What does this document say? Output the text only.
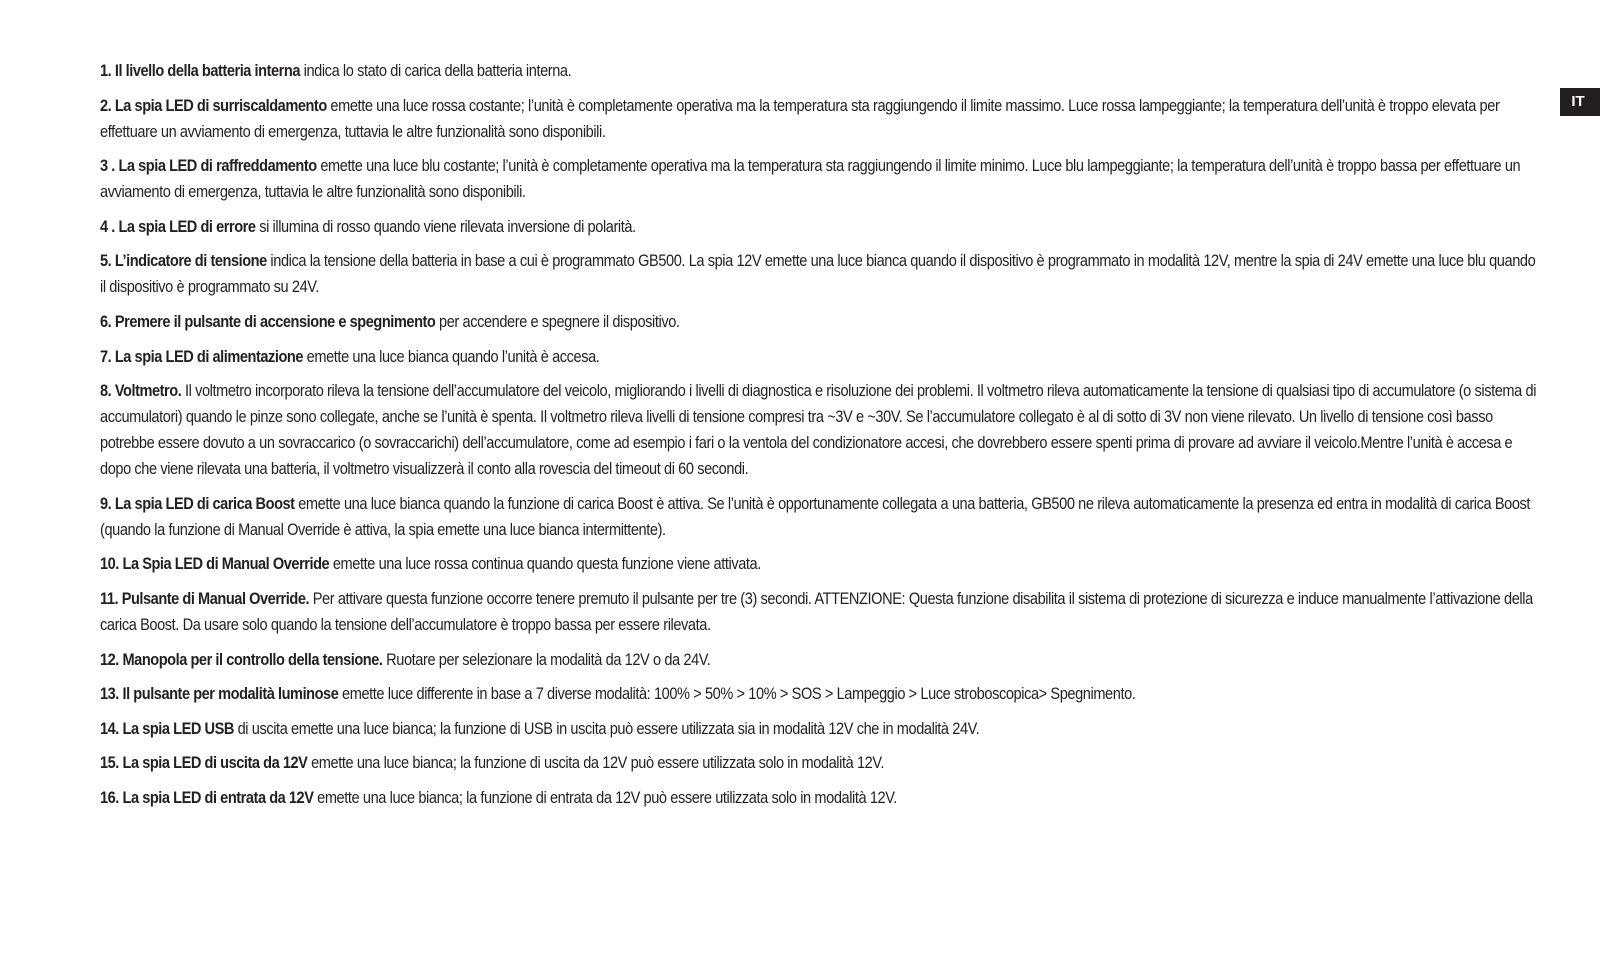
IT

1. Il livello della batteria interna indica lo stato di carica della batteria interna.

2. La spia LED di surriscaldamento emette una luce rossa costante; l’unità è completamente operativa ma la temperatura sta raggiungendo il limite massimo. Luce rossa lampeggiante; la temperatura dell’unità è troppo elevata per effettuare un avviamento di emergenza, tuttavia le altre funzionalità sono disponibili.

3 . La spia LED di raffreddamento emette una luce blu costante; l’unità è completamente operativa ma la temperatura sta raggiungendo il limite minimo. Luce blu lampeggiante; la temperatura dell’unità è troppo bassa per effettuare un avviamento di emergenza, tuttavia le altre funzionalità sono disponibili.

4 . La spia LED di errore si illumina di rosso quando viene rilevata inversione di polarità.

5. L’indicatore di tensione indica la tensione della batteria in base a cui è programmato GB500. La spia 12V emette una luce bianca quando il dispositivo è programmato in modalità 12V, mentre la spia di 24V emette una luce blu quando il dispositivo è programmato su 24V.

6. Premere il pulsante di accensione e spegnimento per accendere e spegnere il dispositivo.

7. La spia LED di alimentazione emette una luce bianca quando l’unità è accesa.

8. Voltmetro. Il voltmetro incorporato rileva la tensione dell’accumulatore del veicolo, migliorando i livelli di diagnostica e risoluzione dei problemi. Il voltmetro rileva automaticamente la tensione di qualsiasi tipo di accumulatore (o sistema di accumulatori) quando le pinze sono collegate, anche se l’unità è spenta. Il voltmetro rileva livelli di tensione compresi tra ~3V e ~30V. Se l’accumulatore collegato è al di sotto di 3V non viene rilevato. Un livello di tensione così basso potrebbe essere dovuto a un sovraccarico (o sovraccarichi) dell’accumulatore, come ad esempio i fari o la ventola del condizionatore accesi, che dovrebbero essere spenti prima di provare ad avviare il veicolo.Mentre l’unità è accesa e dopo che viene rilevata una batteria, il voltmetro visualizzerà il conto alla rovescia del timeout di 60 secondi.

9. La spia LED di carica Boost emette una luce bianca quando la funzione di carica Boost è attiva. Se l’unità è opportunamente collegata a una batteria, GB500 ne rileva automaticamente la presenza ed entra in modalità di carica Boost (quando la funzione di Manual Override è attiva, la spia emette una luce bianca intermittente).

10. La Spia LED di Manual Override emette una luce rossa continua quando questa funzione viene attivata.

11. Pulsante di Manual Override. Per attivare questa funzione occorre tenere premuto il pulsante per tre (3) secondi. ATTENZIONE: Questa funzione disabilita il sistema di protezione di sicurezza e induce manualmente l’attivazione della carica Boost. Da usare solo quando la tensione dell’accumulatore è troppo bassa per essere rilevata.

12. Manopola per il controllo della tensione. Ruotare per selezionare la modalità da 12V o da 24V.

13. Il pulsante per modalità luminose emette luce differente in base a 7 diverse modalità: 100% > 50% > 10% > SOS > Lampeggio > Luce stroboscopica> Spegnimento.

14. La spia LED USB di uscita emette una luce bianca; la funzione di USB in uscita può essere utilizzata sia in modalità 12V che in modalità 24V.

15. La spia LED di uscita da 12V emette una luce bianca; la funzione di uscita da 12V può essere utilizzata solo in modalità 12V.

16. La spia LED di entrata da 12V emette una luce bianca; la funzione di entrata da 12V può essere utilizzata solo in modalità 12V.
